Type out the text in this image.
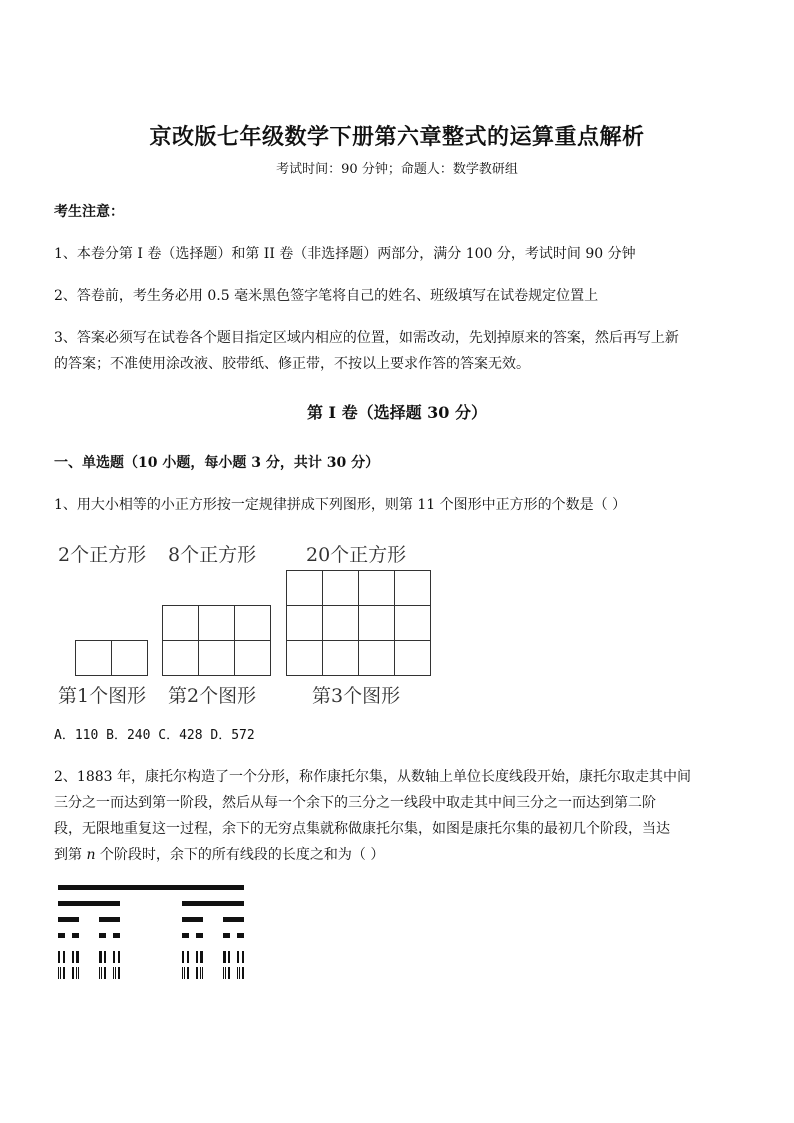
京改版七年级数学下册第六章整式的运算重点解析
考试时间：90 分钟；命题人：数学教研组
考生注意：
1、本卷分第 I 卷（选择题）和第 II 卷（非选择题）两部分，满分 100 分，考试时间 90 分钟
2、答卷前，考生务必用 0.5 毫米黑色签字笔将自己的姓名、班级填写在试卷规定位置上
3、答案必须写在试卷各个题目指定区域内相应的位置，如需改动，先划掉原来的答案，然后再写上新
的答案；不准使用涂改液、胶带纸、修正带，不按以上要求作答的答案无效。
第 I 卷（选择题 30 分）
一、单选题（10 小题，每小题 3 分，共计 30 分）
1、用大小相等的小正方形按一定规律拼成下列图形，则第 11 个图形中正方形的个数是（ ）
2个正方形 8个正方形	20个正方形

第1个图形 第2个图形	第3个图形
A．110 B．240 C．428 D．572
2、1883 年，康托尔构造了一个分形，称作康托尔集，从数轴上单位长度线段开始，康托尔取走其中间
三分之一而达到第一阶段，然后从每一个余下的三分之一线段中取走其中间三分之一而达到第二阶
段，无限地重复这一过程，余下的无穷点集就称做康托尔集，如图是康托尔集的最初几个阶段，当达
到第 n 个阶段时，余下的所有线段的长度之和为（ ）
